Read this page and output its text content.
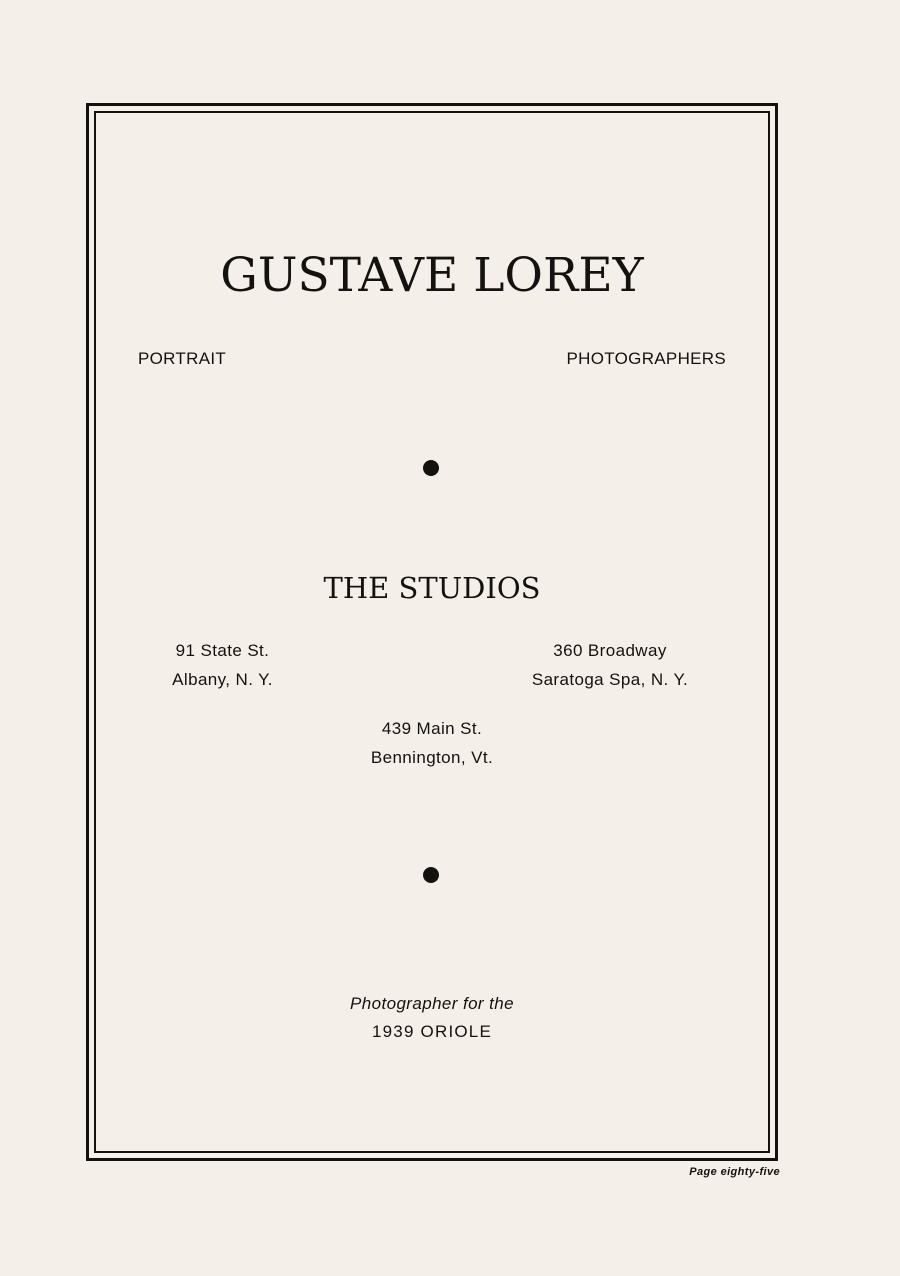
GUSTAVE LOREY
PORTRAIT	PHOTOGRAPHERS
THE STUDIOS
91 State St.
Albany, N. Y.
360 Broadway
Saratoga Spa, N. Y.
439 Main St.
Bennington, Vt.
Photographer for the
1939 ORIOLE
Page eighty-five
